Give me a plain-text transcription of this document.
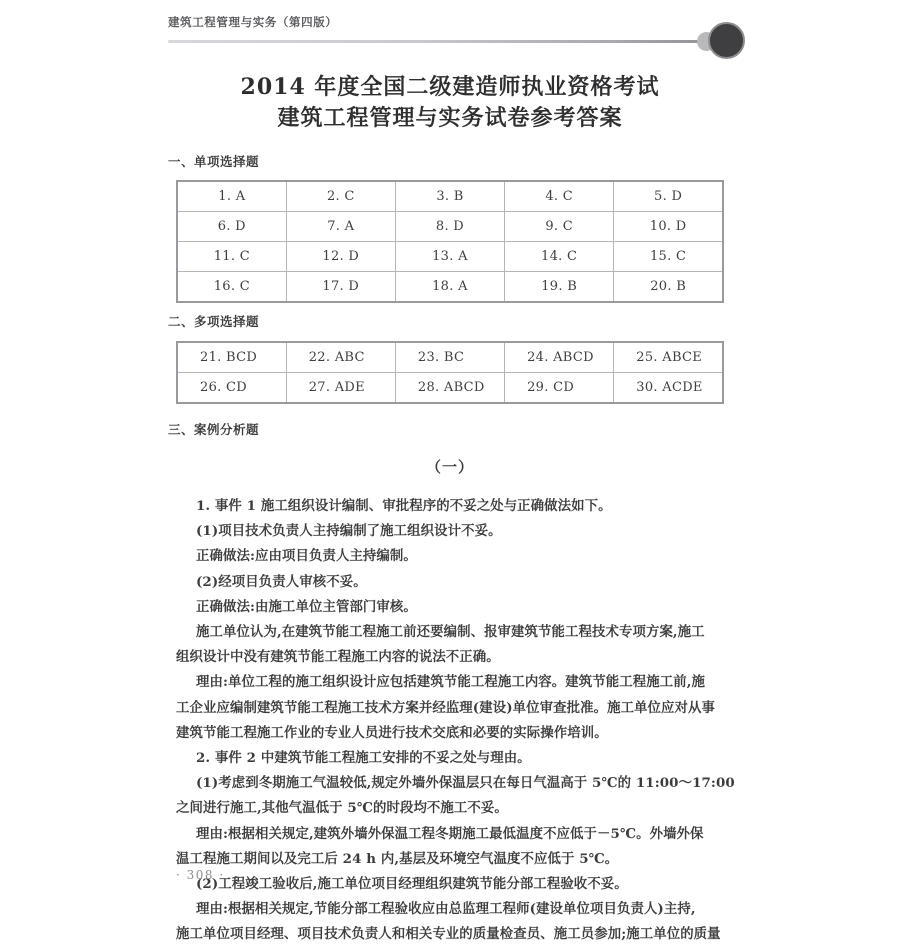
建筑工程管理与实务（第四版）
2014 年度全国二级建造师执业资格考试
建筑工程管理与实务试卷参考答案
一、单项选择题
1. A	2. C	3. B	4. C	5. D
6. D	7. A	8. D	9. C	10. D
11. C	12. D	13. A	14. C	15. C
16. C	17. D	18. A	19. B	20. B
二、多项选择题
21. BCD	22. ABC	23. BC	24. ABCD	25. ABCE
26. CD	27. ADE	28. ABCD	29. CD	30. ACDE
三、案例分析题
（一）
1. 事件 1 施工组织设计编制、审批程序的不妥之处与正确做法如下。
(1)项目技术负责人主持编制了施工组织设计不妥。
正确做法:应由项目负责人主持编制。
(2)经项目负责人审核不妥。
正确做法:由施工单位主管部门审核。
施工单位认为,在建筑节能工程施工前还要编制、报审建筑节能工程技术专项方案,施工
组织设计中没有建筑节能工程施工内容的说法不正确。
理由:单位工程的施工组织设计应包括建筑节能工程施工内容。建筑节能工程施工前,施
工企业应编制建筑节能工程施工技术方案并经监理(建设)单位审查批准。施工单位应对从事
建筑节能工程施工作业的专业人员进行技术交底和必要的实际操作培训。
2. 事件 2 中建筑节能工程施工安排的不妥之处与理由。
(1)考虑到冬期施工气温较低,规定外墙外保温层只在每日气温高于 5℃的 11:00～17:00
之间进行施工,其他气温低于 5℃的时段均不施工不妥。
理由:根据相关规定,建筑外墙外保温工程冬期施工最低温度不应低于－5℃。外墙外保
温工程施工期间以及完工后 24 h 内,基层及环境空气温度不应低于 5℃。
(2)工程竣工验收后,施工单位项目经理组织建筑节能分部工程验收不妥。
理由:根据相关规定,节能分部工程验收应由总监理工程师(建设单位项目负责人)主持,
施工单位项目经理、项目技术负责人和相关专业的质量检查员、施工员参加;施工单位的质量
· 308 ·
